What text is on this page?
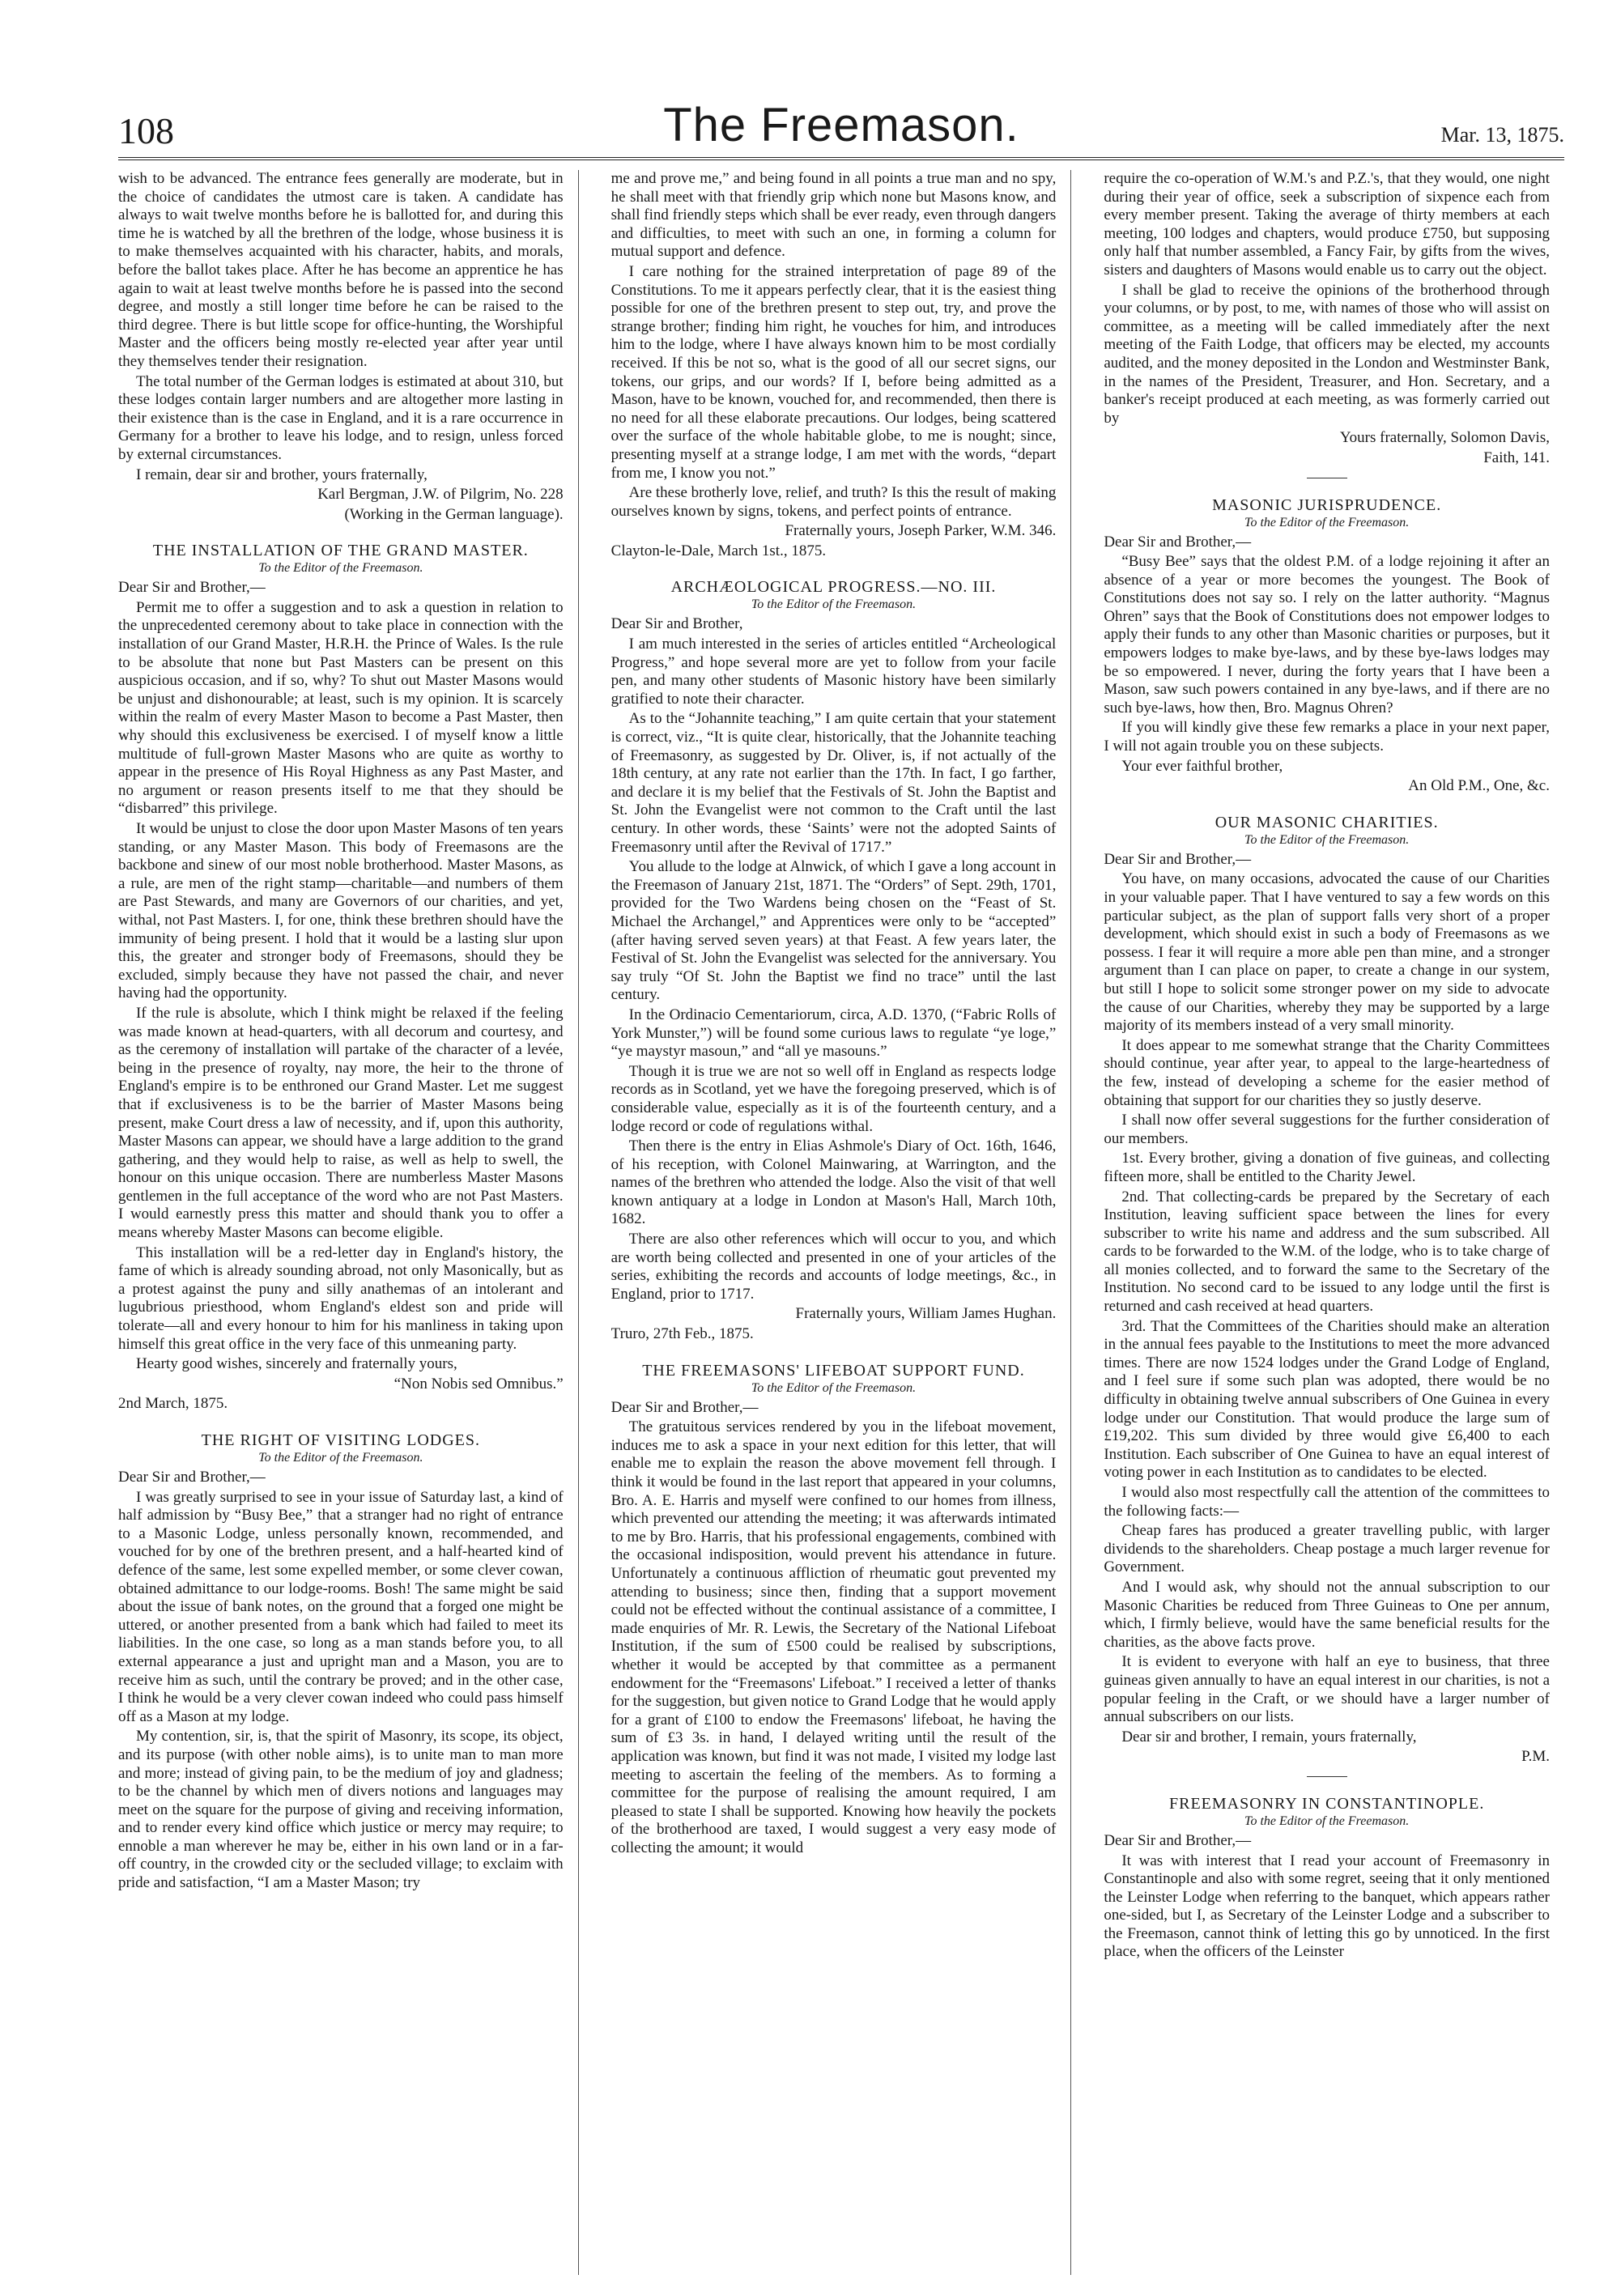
108	The Freemason.	Mar. 13, 1875.

wish to be advanced. The entrance fees generally are moderate, but in the choice of candidates the utmost care is taken. A candidate has always to wait twelve months before he is ballotted for, and during this time he is watched by all the brethren of the lodge, whose business it is to make themselves acquainted with his character, habits, and morals, before the ballot takes place. After he has become an apprentice he has again to wait at least twelve months before he is passed into the second degree, and mostly a still longer time before he can be raised to the third degree. There is but little scope for office-hunting, the Worshipful Master and the officers being mostly re-elected year after year until they themselves tender their resignation.

The total number of the German lodges is estimated at about 310, but these lodges contain larger numbers and are altogether more lasting in their existence than is the case in England, and it is a rare occurrence in Germany for a brother to leave his lodge, and to resign, unless forced by external circumstances.

I remain, dear sir and brother, yours fraternally,

Karl Bergman, J.W. of Pilgrim, No. 228

(Working in the German language).

THE INSTALLATION OF THE GRAND MASTER.
To the Editor of the Freemason.

Dear Sir and Brother,—

Permit me to offer a suggestion and to ask a question in relation to the unprecedented ceremony about to take place in connection with the installation of our Grand Master, H.R.H. the Prince of Wales. Is the rule to be absolute that none but Past Masters can be present on this auspicious occasion, and if so, why? To shut out Master Masons would be unjust and dishonourable; at least, such is my opinion. It is scarcely within the realm of every Master Mason to become a Past Master, then why should this exclusiveness be exercised. I of myself know a little multitude of full-grown Master Masons who are quite as worthy to appear in the presence of His Royal Highness as any Past Master, and no argument or reason presents itself to me that they should be “disbarred” this privilege.

It would be unjust to close the door upon Master Masons of ten years standing, or any Master Mason. This body of Freemasons are the backbone and sinew of our most noble brotherhood. Master Masons, as a rule, are men of the right stamp—charitable—and numbers of them are Past Stewards, and many are Governors of our charities, and yet, withal, not Past Masters. I, for one, think these brethren should have the immunity of being present. I hold that it would be a lasting slur upon this, the greater and stronger body of Freemasons, should they be excluded, simply because they have not passed the chair, and never having had the opportunity.

If the rule is absolute, which I think might be relaxed if the feeling was made known at head-quarters, with all decorum and courtesy, and as the ceremony of installation will partake of the character of a levée, being in the presence of royalty, nay more, the heir to the throne of England's empire is to be enthroned our Grand Master. Let me suggest that if exclusiveness is to be the barrier of Master Masons being present, make Court dress a law of necessity, and if, upon this authority, Master Masons can appear, we should have a large addition to the grand gathering, and they would help to raise, as well as help to swell, the honour on this unique occasion. There are numberless Master Masons gentlemen in the full acceptance of the word who are not Past Masters. I would earnestly press this matter and should thank you to offer a means whereby Master Masons can become eligible.

This installation will be a red-letter day in England's history, the fame of which is already sounding abroad, not only Masonically, but as a protest against the puny and silly anathemas of an intolerant and lugubrious priesthood, whom England's eldest son and pride will tolerate—all and every honour to him for his manliness in taking upon himself this great office in the very face of this unmeaning party.

Hearty good wishes, sincerely and fraternally yours,

“Non Nobis sed Omnibus.”

2nd March, 1875.

THE RIGHT OF VISITING LODGES.
To the Editor of the Freemason.

Dear Sir and Brother,—

I was greatly surprised to see in your issue of Saturday last, a kind of half admission by “Busy Bee,” that a stranger had no right of entrance to a Masonic Lodge, unless personally known, recommended, and vouched for by one of the brethren present, and a half-hearted kind of defence of the same, lest some expelled member, or some clever cowan, obtained admittance to our lodge-rooms. Bosh! The same might be said about the issue of bank notes, on the ground that a forged one might be uttered, or another presented from a bank which had failed to meet its liabilities. In the one case, so long as a man stands before you, to all external appearance a just and upright man and a Mason, you are to receive him as such, until the contrary be proved; and in the other case, I think he would be a very clever cowan indeed who could pass himself off as a Mason at my lodge.

My contention, sir, is, that the spirit of Masonry, its scope, its object, and its purpose (with other noble aims), is to unite man to man more and more; instead of giving pain, to be the medium of joy and gladness; to be the channel by which men of divers notions and languages may meet on the square for the purpose of giving and receiving information, and to render every kind office which justice or mercy may require; to ennoble a man wherever he may be, either in his own land or in a far-off country, in the crowded city or the secluded village; to exclaim with pride and satisfaction, “I am a Master Mason; try

me and prove me,” and being found in all points a true man and no spy, he shall meet with that friendly grip which none but Masons know, and shall find friendly steps which shall be ever ready, even through dangers and difficulties, to meet with such an one, in forming a column for mutual support and defence.

I care nothing for the strained interpretation of page 89 of the Constitutions. To me it appears perfectly clear, that it is the easiest thing possible for one of the brethren present to step out, try, and prove the strange brother; finding him right, he vouches for him, and introduces him to the lodge, where I have always known him to be most cordially received. If this be not so, what is the good of all our secret signs, our tokens, our grips, and our words? If I, before being admitted as a Mason, have to be known, vouched for, and recommended, then there is no need for all these elaborate precautions. Our lodges, being scattered over the surface of the whole habitable globe, to me is nought; since, presenting myself at a strange lodge, I am met with the words, “depart from me, I know you not.”

Are these brotherly love, relief, and truth? Is this the result of making ourselves known by signs, tokens, and perfect points of entrance.

Fraternally yours, Joseph Parker, W.M. 346.

Clayton-le-Dale, March 1st., 1875.

ARCHÆOLOGICAL PROGRESS.—NO. III.
To the Editor of the Freemason.

Dear Sir and Brother,

I am much interested in the series of articles entitled “Archeological Progress,” and hope several more are yet to follow from your facile pen, and many other students of Masonic history have been similarly gratified to note their character.

As to the “Johannite teaching,” I am quite certain that your statement is correct, viz., “It is quite clear, historically, that the Johannite teaching of Freemasonry, as suggested by Dr. Oliver, is, if not actually of the 18th century, at any rate not earlier than the 17th. In fact, I go farther, and declare it is my belief that the Festivals of St. John the Baptist and St. John the Evangelist were not common to the Craft until the last century. In other words, these ‘Saints’ were not the adopted Saints of Freemasonry until after the Revival of 1717.”

You allude to the lodge at Alnwick, of which I gave a long account in the Freemason of January 21st, 1871. The “Orders” of Sept. 29th, 1701, provided for the Two Wardens being chosen on the “Feast of St. Michael the Archangel,” and Apprentices were only to be “accepted” (after having served seven years) at that Feast. A few years later, the Festival of St. John the Evangelist was selected for the anniversary. You say truly “Of St. John the Baptist we find no trace” until the last century.

In the Ordinacio Cementariorum, circa, A.D. 1370, (“Fabric Rolls of York Munster,”) will be found some curious laws to regulate “ye loge,” “ye maystyr masoun,” and “all ye masouns.”

Though it is true we are not so well off in England as respects lodge records as in Scotland, yet we have the foregoing preserved, which is of considerable value, especially as it is of the fourteenth century, and a lodge record or code of regulations withal.

Then there is the entry in Elias Ashmole's Diary of Oct. 16th, 1646, of his reception, with Colonel Mainwaring, at Warrington, and the names of the brethren who attended the lodge. Also the visit of that well known antiquary at a lodge in London at Mason's Hall, March 10th, 1682.

There are also other references which will occur to you, and which are worth being collected and presented in one of your articles of the series, exhibiting the records and accounts of lodge meetings, &c., in England, prior to 1717.

Fraternally yours, William James Hughan.

Truro, 27th Feb., 1875.

THE FREEMASONS' LIFEBOAT SUPPORT FUND.
To the Editor of the Freemason.

Dear Sir and Brother,—

The gratuitous services rendered by you in the lifeboat movement, induces me to ask a space in your next edition for this letter, that will enable me to explain the reason the above movement fell through. I think it would be found in the last report that appeared in your columns, Bro. A. E. Harris and myself were confined to our homes from illness, which prevented our attending the meeting; it was afterwards intimated to me by Bro. Harris, that his professional engagements, combined with the occasional indisposition, would prevent his attendance in future. Unfortunately a continuous affliction of rheumatic gout prevented my attending to business; since then, finding that a support movement could not be effected without the continual assistance of a committee, I made enquiries of Mr. R. Lewis, the Secretary of the National Lifeboat Institution, if the sum of £500 could be realised by subscriptions, whether it would be accepted by that committee as a permanent endowment for the “Freemasons' Lifeboat.” I received a letter of thanks for the suggestion, but given notice to Grand Lodge that he would apply for a grant of £100 to endow the Freemasons' lifeboat, he having the sum of £3 3s. in hand, I delayed writing until the result of the application was known, but find it was not made, I visited my lodge last meeting to ascertain the feeling of the members. As to forming a committee for the purpose of realising the amount required, I am pleased to state I shall be supported. Knowing how heavily the pockets of the brotherhood are taxed, I would suggest a very easy mode of collecting the amount; it would

require the co-operation of W.M.'s and P.Z.'s, that they would, one night during their year of office, seek a subscription of sixpence each from every member present. Taking the average of thirty members at each meeting, 100 lodges and chapters, would produce £750, but supposing only half that number assembled, a Fancy Fair, by gifts from the wives, sisters and daughters of Masons would enable us to carry out the object.

I shall be glad to receive the opinions of the brotherhood through your columns, or by post, to me, with names of those who will assist on committee, as a meeting will be called immediately after the next meeting of the Faith Lodge, that officers may be elected, my accounts audited, and the money deposited in the London and Westminster Bank, in the names of the President, Treasurer, and Hon. Secretary, and a banker's receipt produced at each meeting, as was formerly carried out by

Yours fraternally, Solomon Davis,

Faith, 141.

MASONIC JURISPRUDENCE.
To the Editor of the Freemason.

Dear Sir and Brother,—

“Busy Bee” says that the oldest P.M. of a lodge rejoining it after an absence of a year or more becomes the youngest. The Book of Constitutions does not say so. I rely on the latter authority. “Magnus Ohren” says that the Book of Constitutions does not empower lodges to apply their funds to any other than Masonic charities or purposes, but it empowers lodges to make bye-laws, and by these bye-laws lodges may be so empowered. I never, during the forty years that I have been a Mason, saw such powers contained in any bye-laws, and if there are no such bye-laws, how then, Bro. Magnus Ohren?

If you will kindly give these few remarks a place in your next paper, I will not again trouble you on these subjects.

Your ever faithful brother,

An Old P.M., One, &c.

OUR MASONIC CHARITIES.
To the Editor of the Freemason.

Dear Sir and Brother,—

You have, on many occasions, advocated the cause of our Charities in your valuable paper. That I have ventured to say a few words on this particular subject, as the plan of support falls very short of a proper development, which should exist in such a body of Freemasons as we possess. I fear it will require a more able pen than mine, and a stronger argument than I can place on paper, to create a change in our system, but still I hope to solicit some stronger power on my side to advocate the cause of our Charities, whereby they may be supported by a large majority of its members instead of a very small minority.

It does appear to me somewhat strange that the Charity Committees should continue, year after year, to appeal to the large-heartedness of the few, instead of developing a scheme for the easier method of obtaining that support for our charities they so justly deserve.

I shall now offer several suggestions for the further consideration of our members.

1st. Every brother, giving a donation of five guineas, and collecting fifteen more, shall be entitled to the Charity Jewel.

2nd. That collecting-cards be prepared by the Secretary of each Institution, leaving sufficient space between the lines for every subscriber to write his name and address and the sum subscribed. All cards to be forwarded to the W.M. of the lodge, who is to take charge of all monies collected, and to forward the same to the Secretary of the Institution. No second card to be issued to any lodge until the first is returned and cash received at head quarters.

3rd. That the Committees of the Charities should make an alteration in the annual fees payable to the Institutions to meet the more advanced times. There are now 1524 lodges under the Grand Lodge of England, and I feel sure if some such plan was adopted, there would be no difficulty in obtaining twelve annual subscribers of One Guinea in every lodge under our Constitution. That would produce the large sum of £19,202. This sum divided by three would give £6,400 to each Institution. Each subscriber of One Guinea to have an equal interest of voting power in each Institution as to candidates to be elected.

I would also most respectfully call the attention of the committees to the following facts:—

Cheap fares has produced a greater travelling public, with larger dividends to the shareholders. Cheap postage a much larger revenue for Government.

And I would ask, why should not the annual subscription to our Masonic Charities be reduced from Three Guineas to One per annum, which, I firmly believe, would have the same beneficial results for the charities, as the above facts prove.

It is evident to everyone with half an eye to business, that three guineas given annually to have an equal interest in our charities, is not a popular feeling in the Craft, or we should have a larger number of annual subscribers on our lists.

Dear sir and brother, I remain, yours fraternally,

P.M.

FREEMASONRY IN CONSTANTINOPLE.
To the Editor of the Freemason.

Dear Sir and Brother,—

It was with interest that I read your account of Freemasonry in Constantinople and also with some regret, seeing that it only mentioned the Leinster Lodge when referring to the banquet, which appears rather one-sided, but I, as Secretary of the Leinster Lodge and a subscriber to the Freemason, cannot think of letting this go by unnoticed. In the first place, when the officers of the Leinster
